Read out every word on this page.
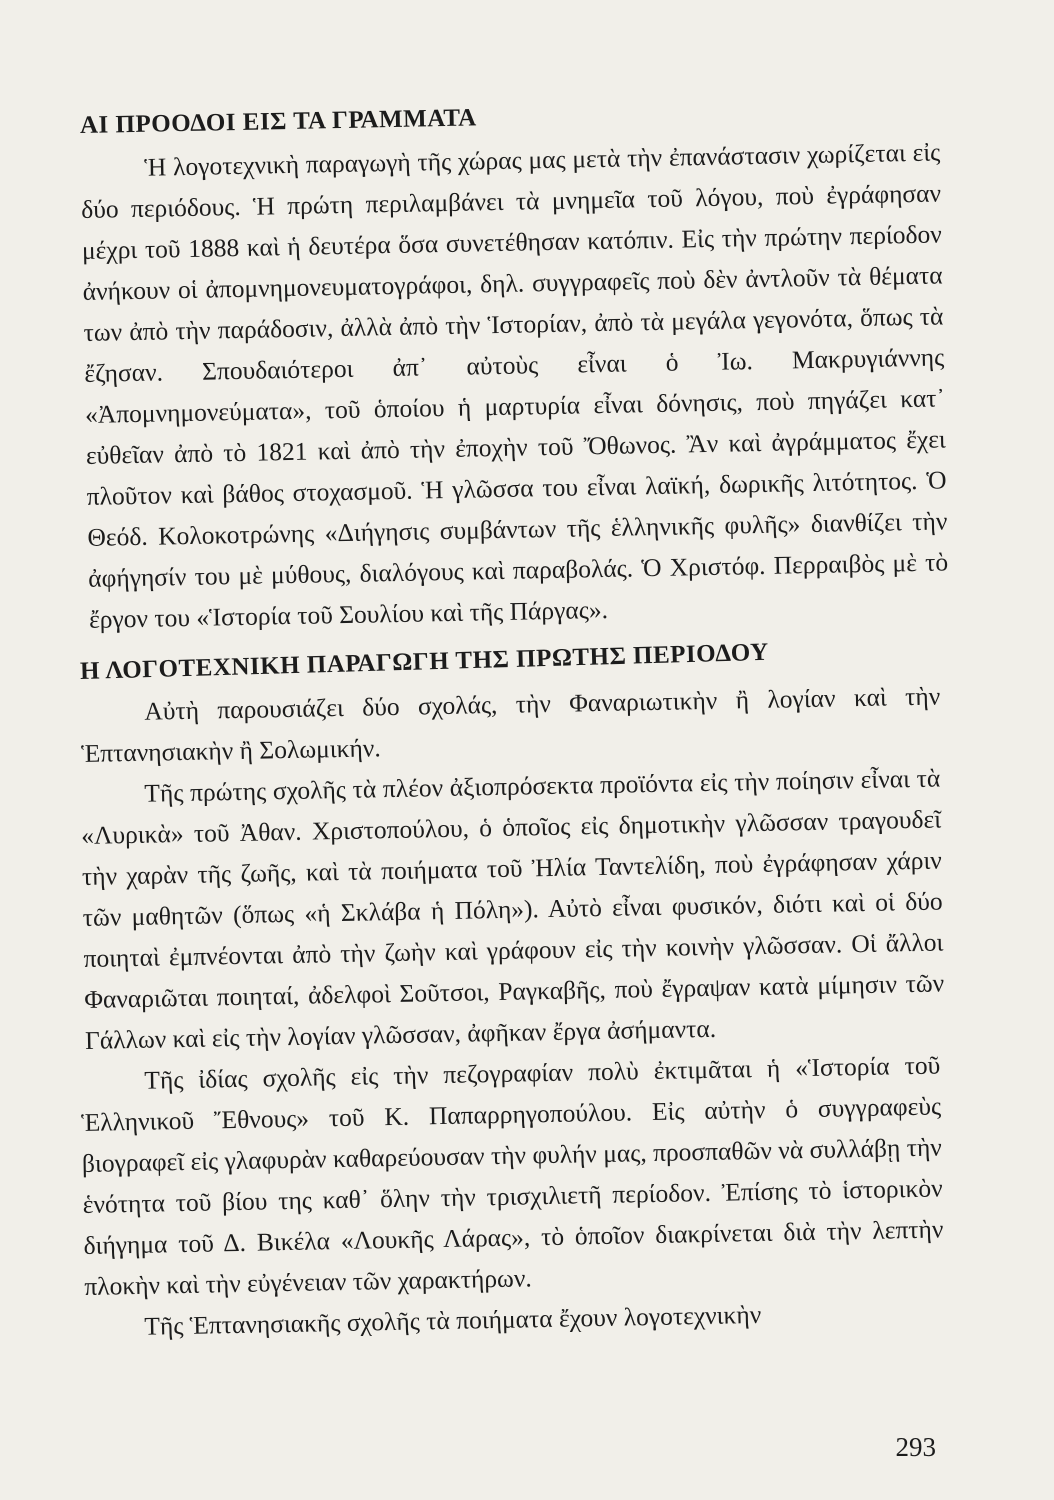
ΑΙ ΠΡΟΟΔΟΙ ΕΙΣ ΤΑ ΓΡΑΜΜΑΤΑ

Ἡ λογοτεχνικὴ παραγωγὴ τῆς χώρας μας μετὰ τὴν ἐπανάστασιν χωρίζεται εἰς δύο περιόδους. Ἡ πρώτη περιλαμβάνει τὰ μνημεῖα τοῦ λόγου, ποὺ ἐγράφησαν μέχρι τοῦ 1888 καὶ ἡ δευτέρα ὅσα συνετέθησαν κατόπιν. Εἰς τὴν πρώτην περίοδον ἀνήκουν οἱ ἀπομνημονευματογράφοι, δηλ. συγγραφεῖς ποὺ δὲν ἀντλοῦν τὰ θέματα των ἀπὸ τὴν παράδοσιν, ἀλλὰ ἀπὸ τὴν Ἱστορίαν, ἀπὸ τὰ μεγάλα γεγονότα, ὅπως τὰ ἔζησαν. Σπουδαιότεροι ἀπ᾿ αὐτοὺς εἶναι ὁ Ἰω. Μακρυγιάννης «Ἀπομνημονεύματα», τοῦ ὁποίου ἡ μαρτυρία εἶναι δόνησις, ποὺ πηγάζει κατ᾿ εὐθεῖαν ἀπὸ τὸ 1821 καὶ ἀπὸ τὴν ἐποχὴν τοῦ Ὄθωνος. Ἂν καὶ ἀγράμματος ἔχει πλοῦτον καὶ βάθος στοχασμοῦ. Ἡ γλῶσσα του εἶναι λαϊκή, δωρικῆς λιτότητος. Ὁ Θεόδ. Κολοκοτρώνης «Διήγησις συμβάντων τῆς ἑλληνικῆς φυλῆς» διανθίζει τὴν ἀφήγησίν του μὲ μύθους, διαλόγους καὶ παραβολάς. Ὁ Χριστόφ. Περραιβὸς μὲ τὸ ἔργον του «Ἱστορία τοῦ Σουλίου καὶ τῆς Πάργας».

Η ΛΟΓΟΤΕΧΝΙΚΗ ΠΑΡΑΓΩΓΗ ΤΗΣ ΠΡΩΤΗΣ ΠΕΡΙΟΔΟΥ

Αὐτὴ παρουσιάζει δύο σχολάς, τὴν Φαναριωτικὴν ἢ λογίαν καὶ τὴν Ἑπτανησιακὴν ἢ Σολωμικήν.

Τῆς πρώτης σχολῆς τὰ πλέον ἀξιοπρόσεκτα προϊόντα εἰς τὴν ποίησιν εἶναι τὰ «Λυρικὰ» τοῦ Ἀθαν. Χριστοπούλου, ὁ ὁποῖος εἰς δημοτικὴν γλῶσσαν τραγουδεῖ τὴν χαρὰν τῆς ζωῆς, καὶ τὰ ποιήματα τοῦ Ἠλία Ταντελίδη, ποὺ ἐγράφησαν χάριν τῶν μαθητῶν (ὅπως «ἡ Σκλάβα ἡ Πόλη»). Αὐτὸ εἶναι φυσικόν, διότι καὶ οἱ δύο ποιηταὶ ἐμπνέονται ἀπὸ τὴν ζωὴν καὶ γράφουν εἰς τὴν κοινὴν γλῶσσαν. Οἱ ἄλλοι Φαναριῶται ποιηταί, ἀδελφοὶ Σοῦτσοι, Ραγκαβῆς, ποὺ ἔγραψαν κατὰ μίμησιν τῶν Γάλλων καὶ εἰς τὴν λογίαν γλῶσσαν, ἀφῆκαν ἔργα ἀσήμαντα.

Τῆς ἰδίας σχολῆς εἰς τὴν πεζογραφίαν πολὺ ἐκτιμᾶται ἡ «Ἱστορία τοῦ Ἑλληνικοῦ Ἔθνους» τοῦ Κ. Παπαρρηγοπούλου. Εἰς αὐτὴν ὁ συγγραφεὺς βιογραφεῖ εἰς γλαφυρὰν καθαρεύουσαν τὴν φυλήν μας, προσπαθῶν νὰ συλλάβῃ τὴν ἑνότητα τοῦ βίου της καθ᾿ ὅλην τὴν τρισχιλιετῆ περίοδον. Ἐπίσης τὸ ἱστορικὸν διήγημα τοῦ Δ. Βικέλα «Λουκῆς Λάρας», τὸ ὁποῖον διακρίνεται διὰ τὴν λεπτὴν πλοκὴν καὶ τὴν εὐγένειαν τῶν χαρακτήρων.

Τῆς Ἑπτανησιακῆς σχολῆς τὰ ποιήματα ἔχουν λογοτεχνικὴν

293
